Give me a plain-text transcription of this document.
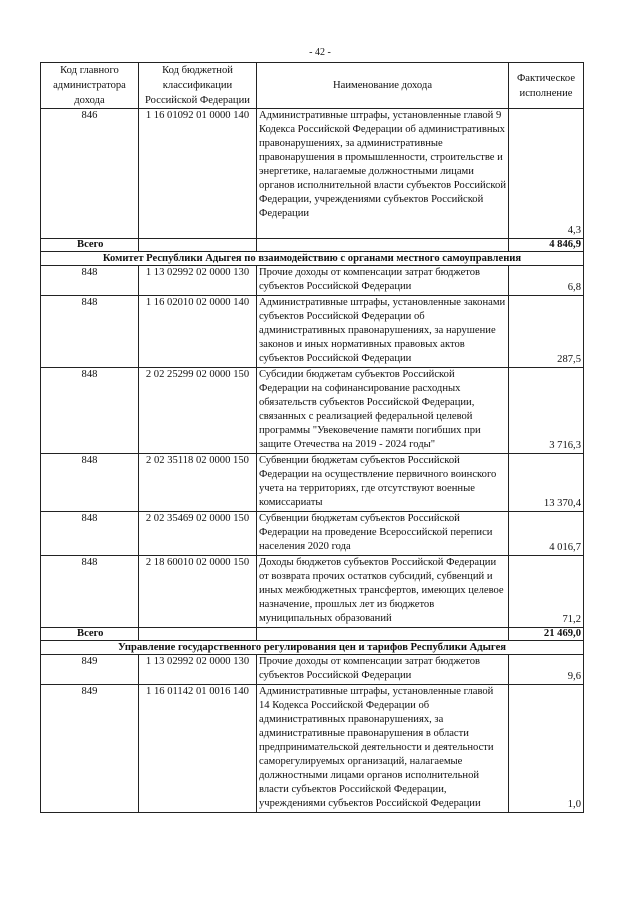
- 42 -
Код главного администратора дохода	Код бюджетной классификации Российской Федерации	Наименование дохода	Фактическое исполнение
846	1 16 01092 01 0000 140	Административные штрафы, установленные главой 9 Кодекса Российской Федерации об административных правонарушениях, за административные правонарушения в промышленности, строительстве и энергетике, налагаемые должностными лицами органов исполнительной власти субъектов Российской Федерации, учреждениями субъектов Российской Федерации	4,3
Всего			4 846,9
Комитет Республики Адыгея по взаимодействию с органами местного самоуправления			
848	1 13 02992 02 0000 130	Прочие доходы от компенсации затрат бюджетов субъектов Российской Федерации	6,8
848	1 16 02010 02 0000 140	Административные штрафы, установленные законами субъектов Российской Федерации об административных правонарушениях, за нарушение законов и иных нормативных правовых актов субъектов Российской Федерации	287,5
848	2 02 25299 02 0000 150	Субсидии бюджетам субъектов Российской Федерации на софинансирование расходных обязательств субъектов Российской Федерации, связанных с реализацией федеральной целевой программы "Увековечение памяти погибших при защите Отечества на 2019 - 2024 годы"	3 716,3
848	2 02 35118 02 0000 150	Субвенции бюджетам субъектов Российской Федерации на осуществление первичного воинского учета на территориях, где отсутствуют военные комиссариаты	13 370,4
848	2 02 35469 02 0000 150	Субвенции бюджетам субъектов Российской Федерации на проведение Всероссийской переписи населения 2020 года	4 016,7
848	2 18 60010 02 0000 150	Доходы бюджетов субъектов Российской Федерации от возврата прочих остатков субсидий, субвенций и иных межбюджетных трансфертов, имеющих целевое назначение, прошлых лет из бюджетов муниципальных образований	71,2
Всего			21 469,0
Управление государственного регулирования цен и тарифов Республики Адыгея			
849	1 13 02992 02 0000 130	Прочие доходы от компенсации затрат бюджетов субъектов Российской Федерации	9,6
849	1 16 01142 01 0016 140	Административные штрафы, установленные главой 14 Кодекса Российской Федерации об административных правонарушениях, за административные правонарушения в области предпринимательской деятельности и деятельности саморегулируемых организаций, налагаемые должностными лицами органов исполнительной власти субъектов Российской Федерации, учреждениями субъектов Российской Федерации	1,0
